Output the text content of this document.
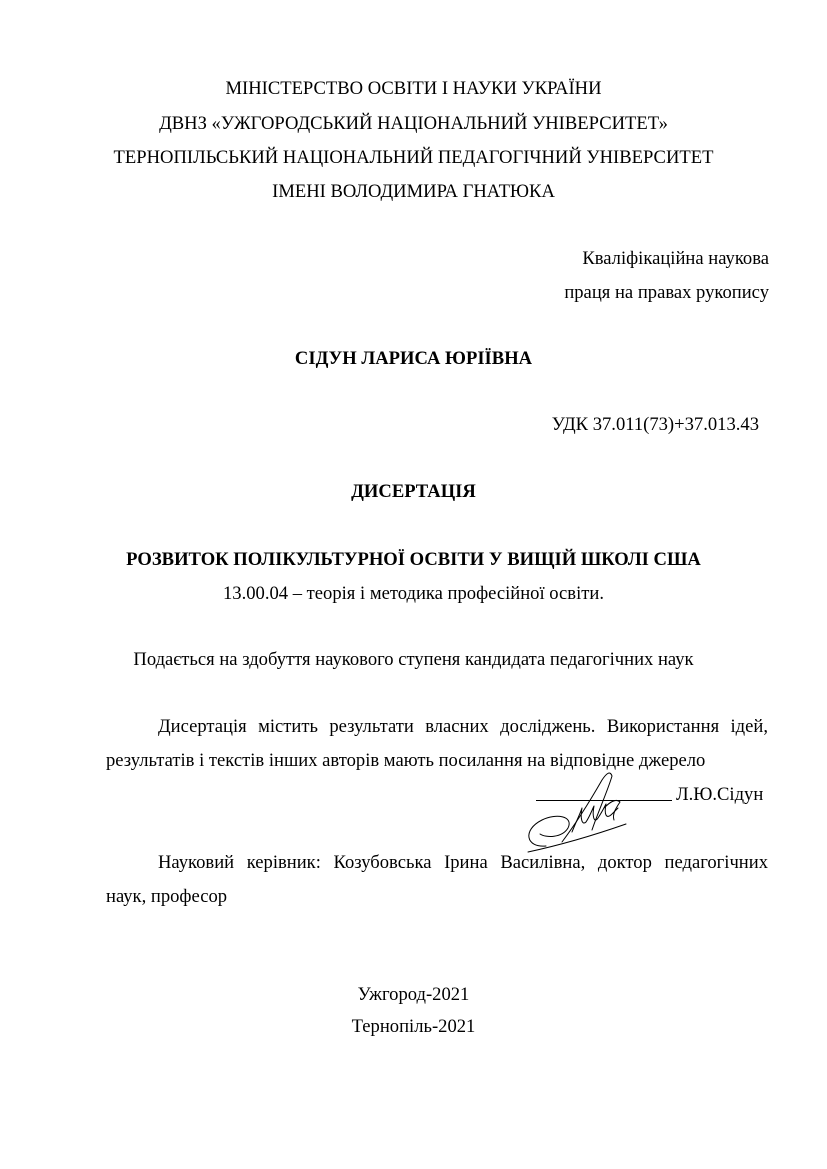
МІНІСТЕРСТВО ОСВІТИ І НАУКИ УКРАЇНИ
ДВНЗ «УЖГОРОДСЬКИЙ НАЦІОНАЛЬНИЙ УНІВЕРСИТЕТ»
ТЕРНОПІЛЬСЬКИЙ НАЦІОНАЛЬНИЙ ПЕДАГОГІЧНИЙ УНІВЕРСИТЕТ
ІМЕНІ ВОЛОДИМИРА ГНАТЮКА
Кваліфікаційна наукова
праця на правах рукопису
СІДУН ЛАРИСА ЮРІЇВНА
УДК 37.011(73)+37.013.43
ДИСЕРТАЦІЯ
РОЗВИТОК ПОЛІКУЛЬТУРНОЇ ОСВІТИ У ВИЩІЙ ШКОЛІ США
13.00.04 – теорія і методика професійної освіти.
Подається на здобуття наукового ступеня кандидата педагогічних наук
Дисертація містить результати власних досліджень. Використання ідей,
результатів і текстів інших авторів мають посилання на відповідне джерело
Л.Ю.Сідун
Науковий керівник: Козубовська Ірина Василівна, доктор педагогічних
наук, професор
Ужгород-2021
Тернопіль-2021
